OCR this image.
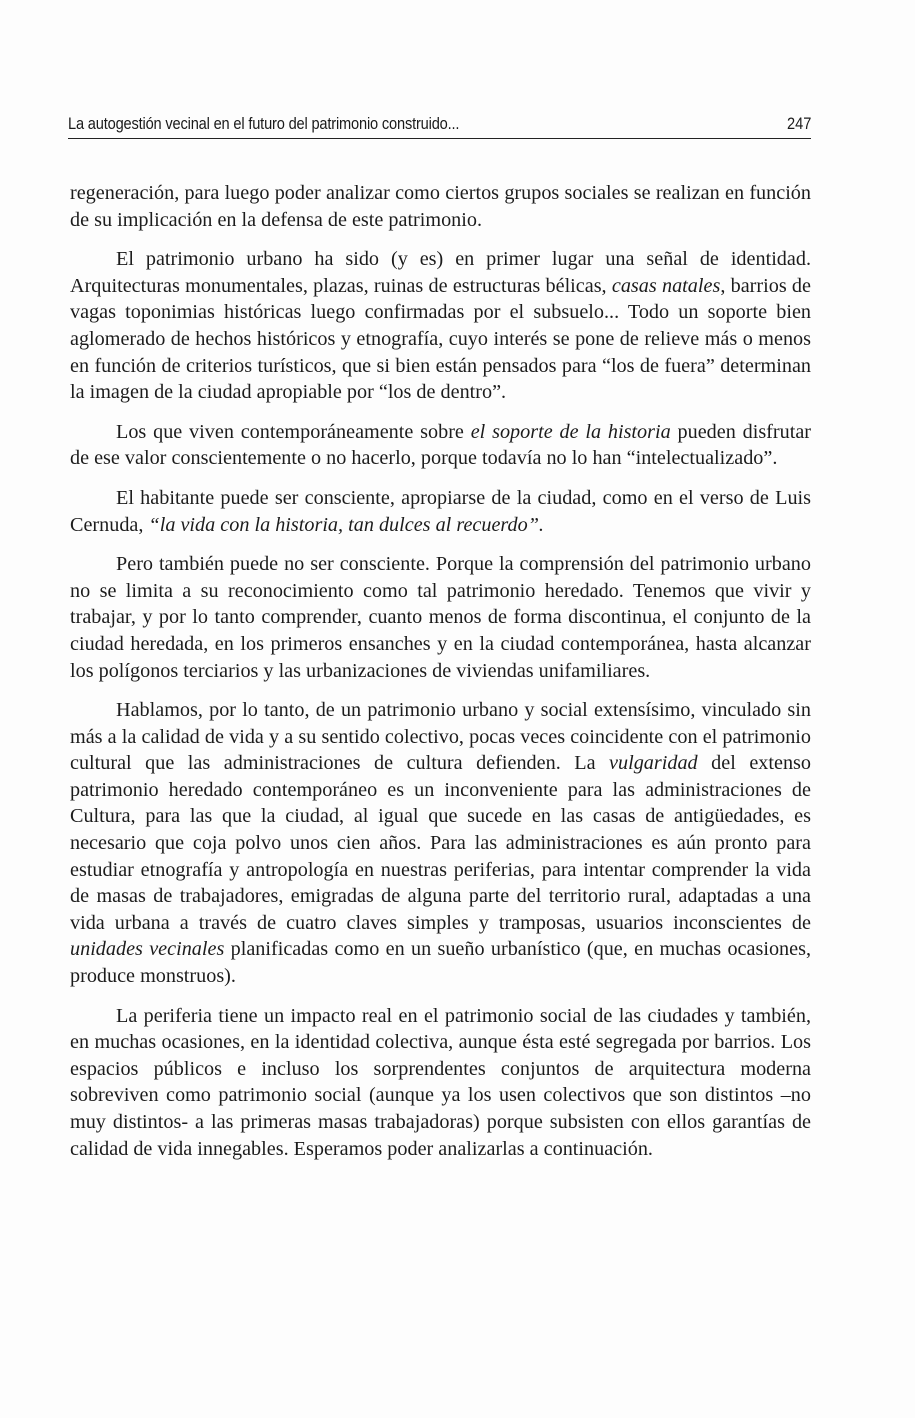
La autogestión vecinal en el futuro del patrimonio construido...	247

regeneración, para luego poder analizar como ciertos grupos sociales se realizan en función de su implicación en la defensa de este patrimonio.

El patrimonio urbano ha sido (y es) en primer lugar una señal de identidad. Arquitecturas monumentales, plazas, ruinas de estructuras bélicas, casas natales, barrios de vagas toponimias históricas luego confirmadas por el subsuelo... Todo un soporte bien aglomerado de hechos históricos y etnografía, cuyo interés se pone de relieve más o menos en función de criterios turísticos, que si bien están pensados para “los de fuera” determinan la imagen de la ciudad apropiable por “los de dentro”.

Los que viven contemporáneamente sobre el soporte de la historia pueden disfrutar de ese valor conscientemente o no hacerlo, porque todavía no lo han “intelectualizado”.

El habitante puede ser consciente, apropiarse de la ciudad, como en el verso de Luis Cernuda, “la vida con la historia, tan dulces al recuerdo”.

Pero también puede no ser consciente. Porque la comprensión del patrimonio urbano no se limita a su reconocimiento como tal patrimonio heredado. Tenemos que vivir y trabajar, y por lo tanto comprender, cuanto menos de forma discontinua, el conjunto de la ciudad heredada, en los primeros ensanches y en la ciudad contemporánea, hasta alcanzar los polígonos terciarios y las urbanizaciones de viviendas unifamiliares.

Hablamos, por lo tanto, de un patrimonio urbano y social extensísimo, vinculado sin más a la calidad de vida y a su sentido colectivo, pocas veces coincidente con el patrimonio cultural que las administraciones de cultura defienden. La vulgaridad del extenso patrimonio heredado contemporáneo es un inconveniente para las administraciones de Cultura, para las que la ciudad, al igual que sucede en las casas de antigüedades, es necesario que coja polvo unos cien años. Para las administraciones es aún pronto para estudiar etnografía y antropología en nuestras periferias, para intentar comprender la vida de masas de trabajadores, emigradas de alguna parte del territorio rural, adaptadas a una vida urbana a través de cuatro claves simples y tramposas, usuarios inconscientes de unidades vecinales planificadas como en un sueño urbanístico (que, en muchas ocasiones, produce monstruos).

La periferia tiene un impacto real en el patrimonio social de las ciudades y también, en muchas ocasiones, en la identidad colectiva, aunque ésta esté segregada por barrios. Los espacios públicos e incluso los sorprendentes conjuntos de arquitectura moderna sobreviven como patrimonio social (aunque ya los usen colectivos que son distintos –no muy distintos- a las primeras masas trabajadoras) porque subsisten con ellos garantías de calidad de vida innegables. Esperamos poder analizarlas a continuación.
